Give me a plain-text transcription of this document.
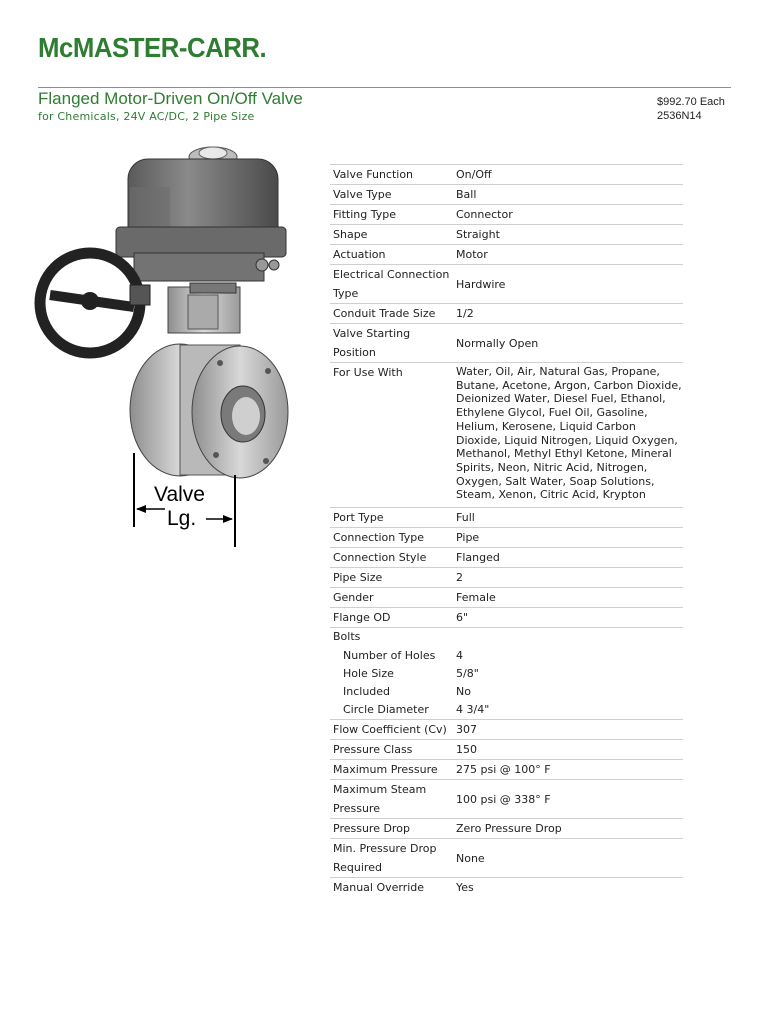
McMASTER-CARR.
Flanged Motor-Driven On/Off Valve
for Chemicals, 24V AC/DC, 2 Pipe Size
$992.70 Each
2536N14
Valve
Lg.
Valve Function	On/Off
Valve Type	Ball
Fitting Type	Connector
Shape	Straight
Actuation	Motor
Electrical Connection Type	Hardwire
Conduit Trade Size	1/2
Valve Starting Position	Normally Open
For Use With	Water, Oil, Air, Natural Gas, Propane, Butane, Acetone, Argon, Carbon Dioxide, Deionized Water, Diesel Fuel, Ethanol, Ethylene Glycol, Fuel Oil, Gasoline, Helium, Kerosene, Liquid Carbon Dioxide, Liquid Nitrogen, Liquid Oxygen, Methanol, Methyl Ethyl Ketone, Mineral Spirits, Neon, Nitric Acid, Nitrogen, Oxygen, Salt Water, Soap Solutions, Steam, Xenon, Citric Acid, Krypton
Port Type	Full
Connection Type	Pipe
Connection Style	Flanged
Pipe Size	2
Gender	Female
Flange OD	6"
Bolts	
Number of Holes	4
Hole Size	5/8"
Included	No
Circle Diameter	4 3/4"
Flow Coefficient (Cv)	307
Pressure Class	150
Maximum Pressure	275 psi @ 100° F
Maximum Steam Pressure	100 psi @ 338° F
Pressure Drop	Zero Pressure Drop
Min. Pressure Drop Required	None
Manual Override	Yes
